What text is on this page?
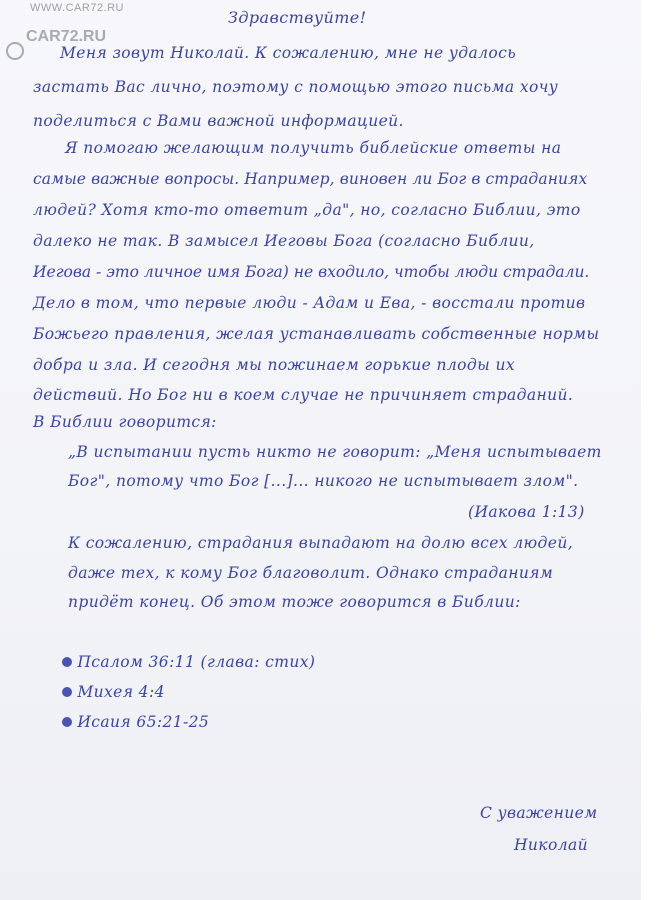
WWW.CAR72.RU
CAR72.RU
Здравствуйте!
Меня зовут Николай. К сожалению, мне не удалось
застать Вас лично, поэтому с помощью этого письма хочу
поделиться с Вами важной информацией.
Я помогаю желающим получить библейские ответы на
самые важные вопросы. Например, виновен ли Бог в страданиях
людей? Хотя кто-то ответит „да", но, согласно Библии, это
далеко не так. В замысел Иеговы Бога (согласно Библии,
Иегова - это личное имя Бога) не входило, чтобы люди страдали.
Дело в том, что первые люди - Адам и Ева, - восстали против
Божьего правления, желая устанавливать собственные нормы
добра и зла. И сегодня мы пожинаем горькие плоды их
действий. Но Бог ни в коем случае не причиняет страданий.
В Библии говорится:
„В испытании пусть никто не говорит: „Меня испытывает
Бог", потому что Бог [...]... никого не испытывает злом".
(Иакова 1:13)
К сожалению, страдания выпадают на долю всех людей,
даже тех, к кому Бог благоволит. Однако страданиям
придёт конец. Об этом тоже говорится в Библии:
Псалом 36:11 (глава: стих)
Михея 4:4
Исаия 65:21-25
С уважением
Николай
